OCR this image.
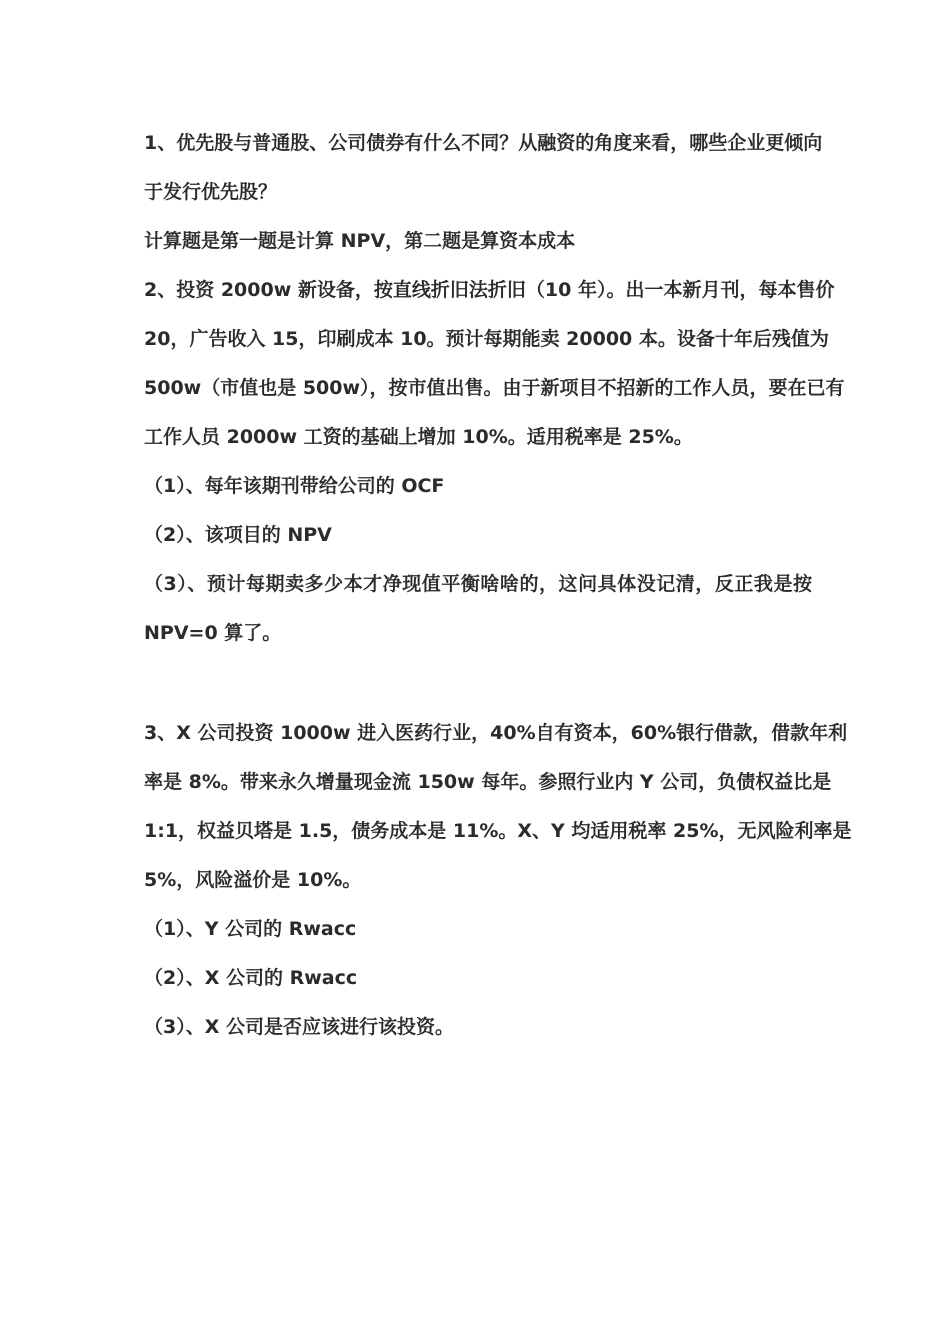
1、优先股与普通股、公司债券有什么不同？从融资的角度来看，哪些企业更倾向
于发行优先股？
计算题是第一题是计算 NPV，第二题是算资本成本
2、投资 2000w 新设备，按直线折旧法折旧（10 年）。出一本新月刊，每本售价
20，广告收入 15，印刷成本 10。预计每期能卖 20000 本。设备十年后残值为
500w（市值也是 500w），按市值出售。由于新项目不招新的工作人员，要在已有
工作人员 2000w 工资的基础上增加 10%。适用税率是 25%。
（1）、每年该期刊带给公司的 OCF
（2）、该项目的 NPV
（3）、预计每期卖多少本才净现值平衡啥啥的，这问具体没记清，反正我是按
NPV=0 算了。
3、X 公司投资 1000w 进入医药行业，40%自有资本，60%银行借款，借款年利
率是 8%。带来永久增量现金流 150w 每年。参照行业内 Y 公司，负债权益比是
1:1，权益贝塔是 1.5，债务成本是 11%。X、Y 均适用税率 25%，无风险利率是
5%，风险溢价是 10%。
（1）、Y 公司的 Rwacc
（2）、X 公司的 Rwacc
（3）、X 公司是否应该进行该投资。
